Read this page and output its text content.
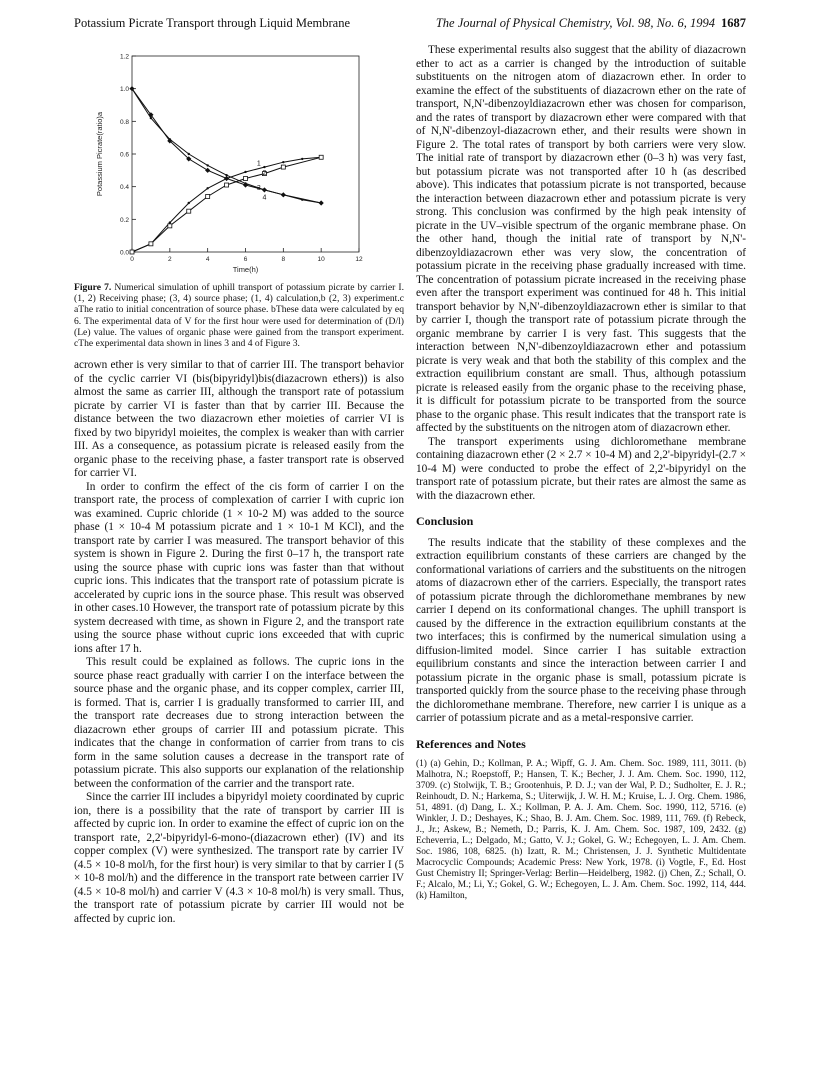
Potassium Picrate Transport through Liquid Membrane	The Journal of Physical Chemistry, Vol. 98, No. 6, 1994 1687
0.0
0.2
0.4
0.6
0.8
1.0
1.2
0	2	4	6	8	10	12
Time(h)
Potassium Picrate(ratio)a	1
2
3
4
Figure 7. Numerical simulation of uphill transport of potassium picrate by carrier I. (1, 2) Receiving phase; (3, 4) source phase; (1, 4) calculation,b (2, 3) experiment.c aThe ratio to initial concentration of source phase. bThese data were calculated by eq 6. The experimental data of V for the first hour were used for determination of (D/l)(Le) value. The values of organic phase were gained from the transport experiment. cThe experimental data shown in lines 3 and 4 of Figure 3.

acrown ether is very similar to that of carrier III. The transport behavior of the cyclic carrier VI (bis(bipyridyl)bis(diazacrown ethers)) is also almost the same as carrier III, although the transport rate of potassium picrate by carrier VI is faster than that by carrier III. Because the distance between the two diazacrown ether moieties of carrier VI is fixed by two bipyridyl moieites, the complex is weaker than with carrier III. As a consequence, as potassium picrate is released easily from the organic phase to the receiving phase, a faster transport rate is observed for carrier VI.

In order to confirm the effect of the cis form of carrier I on the transport rate, the process of complexation of carrier I with cupric ion was examined. Cupric chloride (1 × 10-2 M) was added to the source phase (1 × 10-4 M potassium picrate and 1 × 10-1 M KCl), and the transport rate by carrier I was measured. The transport behavior of this system is shown in Figure 2. During the first 0–17 h, the transport rate using the source phase with cupric ions was faster than that without cupric ions. This indicates that the transport rate of potassium picrate is accelerated by cupric ions in the source phase. This result was observed in other cases.10 However, the transport rate of potassium picrate by this system decreased with time, as shown in Figure 2, and the transport rate using the source phase without cupric ions exceeded that with cupric ions after 17 h.

This result could be explained as follows. The cupric ions in the source phase react gradually with carrier I on the interface between the source phase and the organic phase, and its copper complex, carrier III, is formed. That is, carrier I is gradually transformed to carrier III, and the transport rate decreases due to strong interaction between the diazacrown ether groups of carrier III and potassium picrate. This indicates that the change in conformation of carrier from trans to cis form in the same solution causes a decrease in the transport rate of potassium picrate. This also supports our explanation of the relationship between the conformation of the carrier and the transport rate.

Since the carrier III includes a bipyridyl moiety coordinated by cupric ion, there is a possibility that the rate of transport by carrier III is affected by cupric ion. In order to examine the effect of cupric ion on the transport rate, 2,2'-bipyridyl-6-mono-(diazacrown ether) (IV) and its copper complex (V) were synthesized. The transport rate by carrier IV (4.5 × 10-8 mol/h, for the first hour) is very similar to that by carrier I (5 × 10-8 mol/h) and the difference in the transport rate between carrier IV (4.5 × 10-8 mol/h) and carrier V (4.3 × 10-8 mol/h) is very small. Thus, the transport rate of potassium picrate by carrier III would not be affected by cupric ion.

These experimental results also suggest that the ability of diazacrown ether to act as a carrier is changed by the introduction of suitable substituents on the nitrogen atom of diazacrown ether. In order to examine the effect of the substituents of diazacrown ether on the rate of transport, N,N'-dibenzoyldiazacrown ether was chosen for comparison, and the rates of transport by diazacrown ether were compared with that of N,N'-dibenzoyl-diazacrown ether, and their results were shown in Figure 2. The total rates of transport by both carriers were very slow. The initial rate of transport by diazacrown ether (0–3 h) was very fast, but potassium picrate was not transported after 10 h (as described above). This indicates that potassium picrate is not transported, because the interaction between diazacrown ether and potassium picrate is very strong. This conclusion was confirmed by the high peak intensity of picrate in the UV–visible spectrum of the organic membrane phase. On the other hand, though the initial rate of transport by N,N'-dibenzoyldiazacrown ether was very slow, the concentration of potassium picrate in the receiving phase gradually increased with time. The concentration of potassium picrate increased in the receiving phase even after the transport experiment was continued for 48 h. This initial transport behavior by N,N'-dibenzoyldiazacrown ether is similar to that by carrier I, though the transport rate of potassium picrate through the organic membrane by carrier I is very fast. This suggests that the interaction between N,N'-dibenzoyldiazacrown ether and potassium picrate is very weak and that both the stability of this complex and the extraction equilibrium constant are small. Thus, although potassium picrate is released easily from the organic phase to the receiving phase, it is difficult for potassium picrate to be transported from the source phase to the organic phase. This result indicates that the transport rate is affected by the substituents on the nitrogen atom of diazacrown ether.

The transport experiments using dichloromethane membrane containing diazacrown ether (2 × 2.7 × 10-4 M) and 2,2'-bipyridyl-(2.7 × 10-4 M) were conducted to probe the effect of 2,2'-bipyridyl on the transport rate of potassium picrate, but their rates are almost the same as with the diazacrown ether.

Conclusion

The results indicate that the stability of these complexes and the extraction equilibrium constants of these carriers are changed by the conformational variations of carriers and the substituents on the nitrogen atoms of diazacrown ether of the carriers. Especially, the transport rates of potassium picrate through the dichloromethane membranes by new carrier I depend on its conformational changes. The uphill transport is caused by the difference in the extraction equilibrium constants at the two interfaces; this is confirmed by the numerical simulation using a diffusion-limited model. Since carrier I has suitable extraction equilibrium constants and since the interaction between carrier I and potassium picrate in the organic phase is small, potassium picrate is transported quickly from the source phase to the receiving phase through the dichloromethane membrane. Therefore, new carrier I is unique as a carrier of potassium picrate and as a metal-responsive carrier.

References and Notes

(1) (a) Gehin, D.; Kollman, P. A.; Wipff, G. J. Am. Chem. Soc. 1989, 111, 3011. (b) Malhotra, N.; Roepstoff, P.; Hansen, T. K.; Becher, J. J. Am. Chem. Soc. 1990, 112, 3709. (c) Stolwijk, T. B.; Grootenhuis, P. D. J.; van der Wal, P. D.; Sudholter, E. J. R.; Reinhoudt, D. N.; Harkema, S.; Uiterwijk, J. W. H. M.; Kruise, L. J. Org. Chem. 1986, 51, 4891. (d) Dang, L. X.; Kollman, P. A. J. Am. Chem. Soc. 1990, 112, 5716. (e) Winkler, J. D.; Deshayes, K.; Shao, B. J. Am. Chem. Soc. 1989, 111, 769. (f) Rebeck, J., Jr.; Askew, B.; Nemeth, D.; Parris, K. J. Am. Chem. Soc. 1987, 109, 2432. (g) Echeverria, L.; Delgado, M.; Gatto, V. J.; Gokel, G. W.; Echegoyen, L. J. Am. Chem. Soc. 1986, 108, 6825. (h) Izatt, R. M.; Christensen, J. J. Synthetic Multidentate Macrocyclic Compounds; Academic Press: New York, 1978. (i) Vogtle, F., Ed. Host Gust Chemistry II; Springer-Verlag: Berlin—Heidelberg, 1982. (j) Chen, Z.; Schall, O. F.; Alcalo, M.; Li, Y.; Gokel, G. W.; Echegoyen, L. J. Am. Chem. Soc. 1992, 114, 444. (k) Hamilton,
